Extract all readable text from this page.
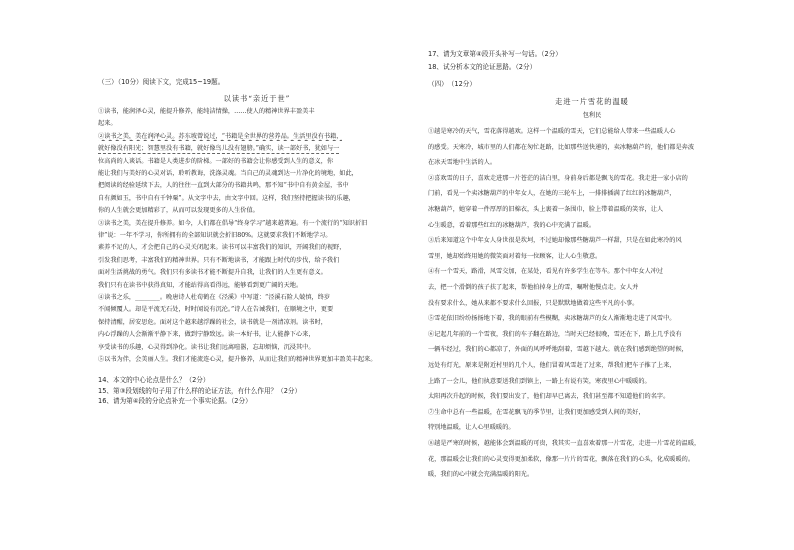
（三）（10分）阅读下文，完成15~19题。
以读书“亲近于世”
①读书，能润泽心灵，能提升修养，能纯洁情操，……使人的精神世界丰盈美丰
起来。
②读书之美，美在润泽心灵。苏东坡曾说过，“书籍是全世界的营养品。生活里没有书籍，
就好像没有阳光；智慧里没有书籍，就好像鸟儿没有翅膀。”确实，读一部好书，犹如与一
位高尚的人谈话。书籍是人类进步的阶梯。一部好的书籍会让你感受到人生的意义，你
能让我们与美好的心灵对话，聆听教诲，洗涤灵魂。当自己的灵魂到达一片净化的境地，如此，
把阅读的经验延续下去，人的往往一直到大部分的书籍共鸣，那不知“书中自有黄金屋，书中
自有颜如玉，书中自有千钟粟”。从文字中去，由文字中回。这样，我们坚持把握读书的乐趣，
你的人生就会更加精彩了，从而可以发现更多的人生价值。
③读书之美，美在提升修养。如今，人们都在倡导“终身学习”越来越普遍。有一个流行的“知识折旧
律”说：一年不学习，你所拥有的全部知识就会折旧80%。这就要求我们不断地学习。
素养不足的人，才会把自己的心灵关闭起来。读书可以丰富我们的知识，开阔我们的视野，
引发我们思考，丰富我们的精神世界。只有不断地读书，才能跟上时代的步伐，给予我们
面对生活挑战的勇气。我们只有多读书才能不断提升自我，让我们的人生更有意义。
我们只有在读书中获得真知，才能站得高看得远，能够看到更广阔的天地。
④读书之乐，________。晚唐诗人杜荀鹤在《泾溪》中写道：“泾溪石险人兢慎，终岁
不闻倾覆人。却是平流无石处，时时闻说有沉沦。”诗人在告诫我们，在顺境之中，更要
保持清醒，居安思危。面对这个越来越浮躁的社会，读书就是一剂清凉剂。读书时，
内心浮躁的人会渐渐平静下来，做到宁静致远。读一本好书，让人能静下心来，
享受读书的乐趣，心灵得到净化。读书让我们远离喧嚣，忘却烦恼，沉浸其中。
⑤以书为伴，会美丽人生。我们才能流连心灵，提升修养，从而让我们的精神世界更加丰盈美丰起来。
14、本文的中心论点是什么？（2分）
15、第③段划线的句子用了什么样的论证方法，有什么作用？（2分）
16、请为第④段的分论点补充一个事实论据。（2分）
17、请为文章第④段开头补写一句话。（2分）
18、试分析本文的论证思路。（2分）
（四）　（12分）
走进一片雪花的温暖
包利民
①越是寒冷的天气，雪花落得越欢。这样一个温暖的雪天，它们总能给人带来一些温暖人心
的感受。天寒冷，城市里的人们都在匆忙赶路，比如那些送快递的，卖冰糖葫芦的，他们都是奔波
在冰天雪地中生活的人。
②喜欢雪的日子，喜欢走进那一片苍茫的洁白里，身前身后都是飘飞的雪花。我走进一家小店的
门前，看见一个卖冰糖葫芦的中年女人，在她的三轮车上，一排排插满了红红的冰糖葫芦，
冰糖葫芦，她穿着一件厚厚的旧棉衣，头上裹着一条围巾，脸上带着温暖的笑容，让人
心生暖意，看着那些红红的冰糖葫芦，我的心中充满了温暖。
③后来知道这个中年女人身世很是坎坷，不过她却像那些糖葫芦一样甜，只是在如此寒冷的风
雪里，她却始终用她的微笑面对着每一位顾客，让人心生敬意。
④有一个雪天，路滑，风雪交加，在某处，看见有许多学生在等车。那个中年女人冲过
去，把一个滑倒的孩子扶了起来，帮他拍掉身上的雪，嘱咐他慢点走。女人并
没有要求什么，她从来都不要求什么回报，只是默默地做着这些平凡的小事。
⑤雪花依旧纷纷扬扬地下着，我的眼前有些模糊，卖冰糖葫芦的女人渐渐地走进了风雪中。
⑥记起几年前的一个雪夜，我们的车子翻在路边，当时天已经很晚，雪还在下，路上几乎没有
一辆车经过，我们的心都凉了，外面的风呼呼地刮着，雪越下越大。就在我们感到绝望的时候，
远处有灯光，原来是附近村里的几个人，他们冒着风雪赶了过来，帮我们把车子推了上来，
上路了一会儿，他们执意要送我们到镇上，一路上有说有笑，寒夜里心中暖暖的。
太阳再次升起的时候，我们要出发了，他们却早已离去，我们甚至都不知道他们的名字。
⑦生命中总有一些温暖，在雪花飘飞的季节里，让我们更加感受到人间的美好，
特别地温暖，让人心里暖暖的。
⑧越是严寒的时候，越能体会到温暖的可贵，我其实一直喜欢着那一片雪花，走进一片雪花的温暖，
花，那温暖会让我们的心灵变得更加柔软，像那一片片的雪花，飘落在我们的心头，化成暖暖的。
暖，我们的心中就会充满温暖的阳光。
